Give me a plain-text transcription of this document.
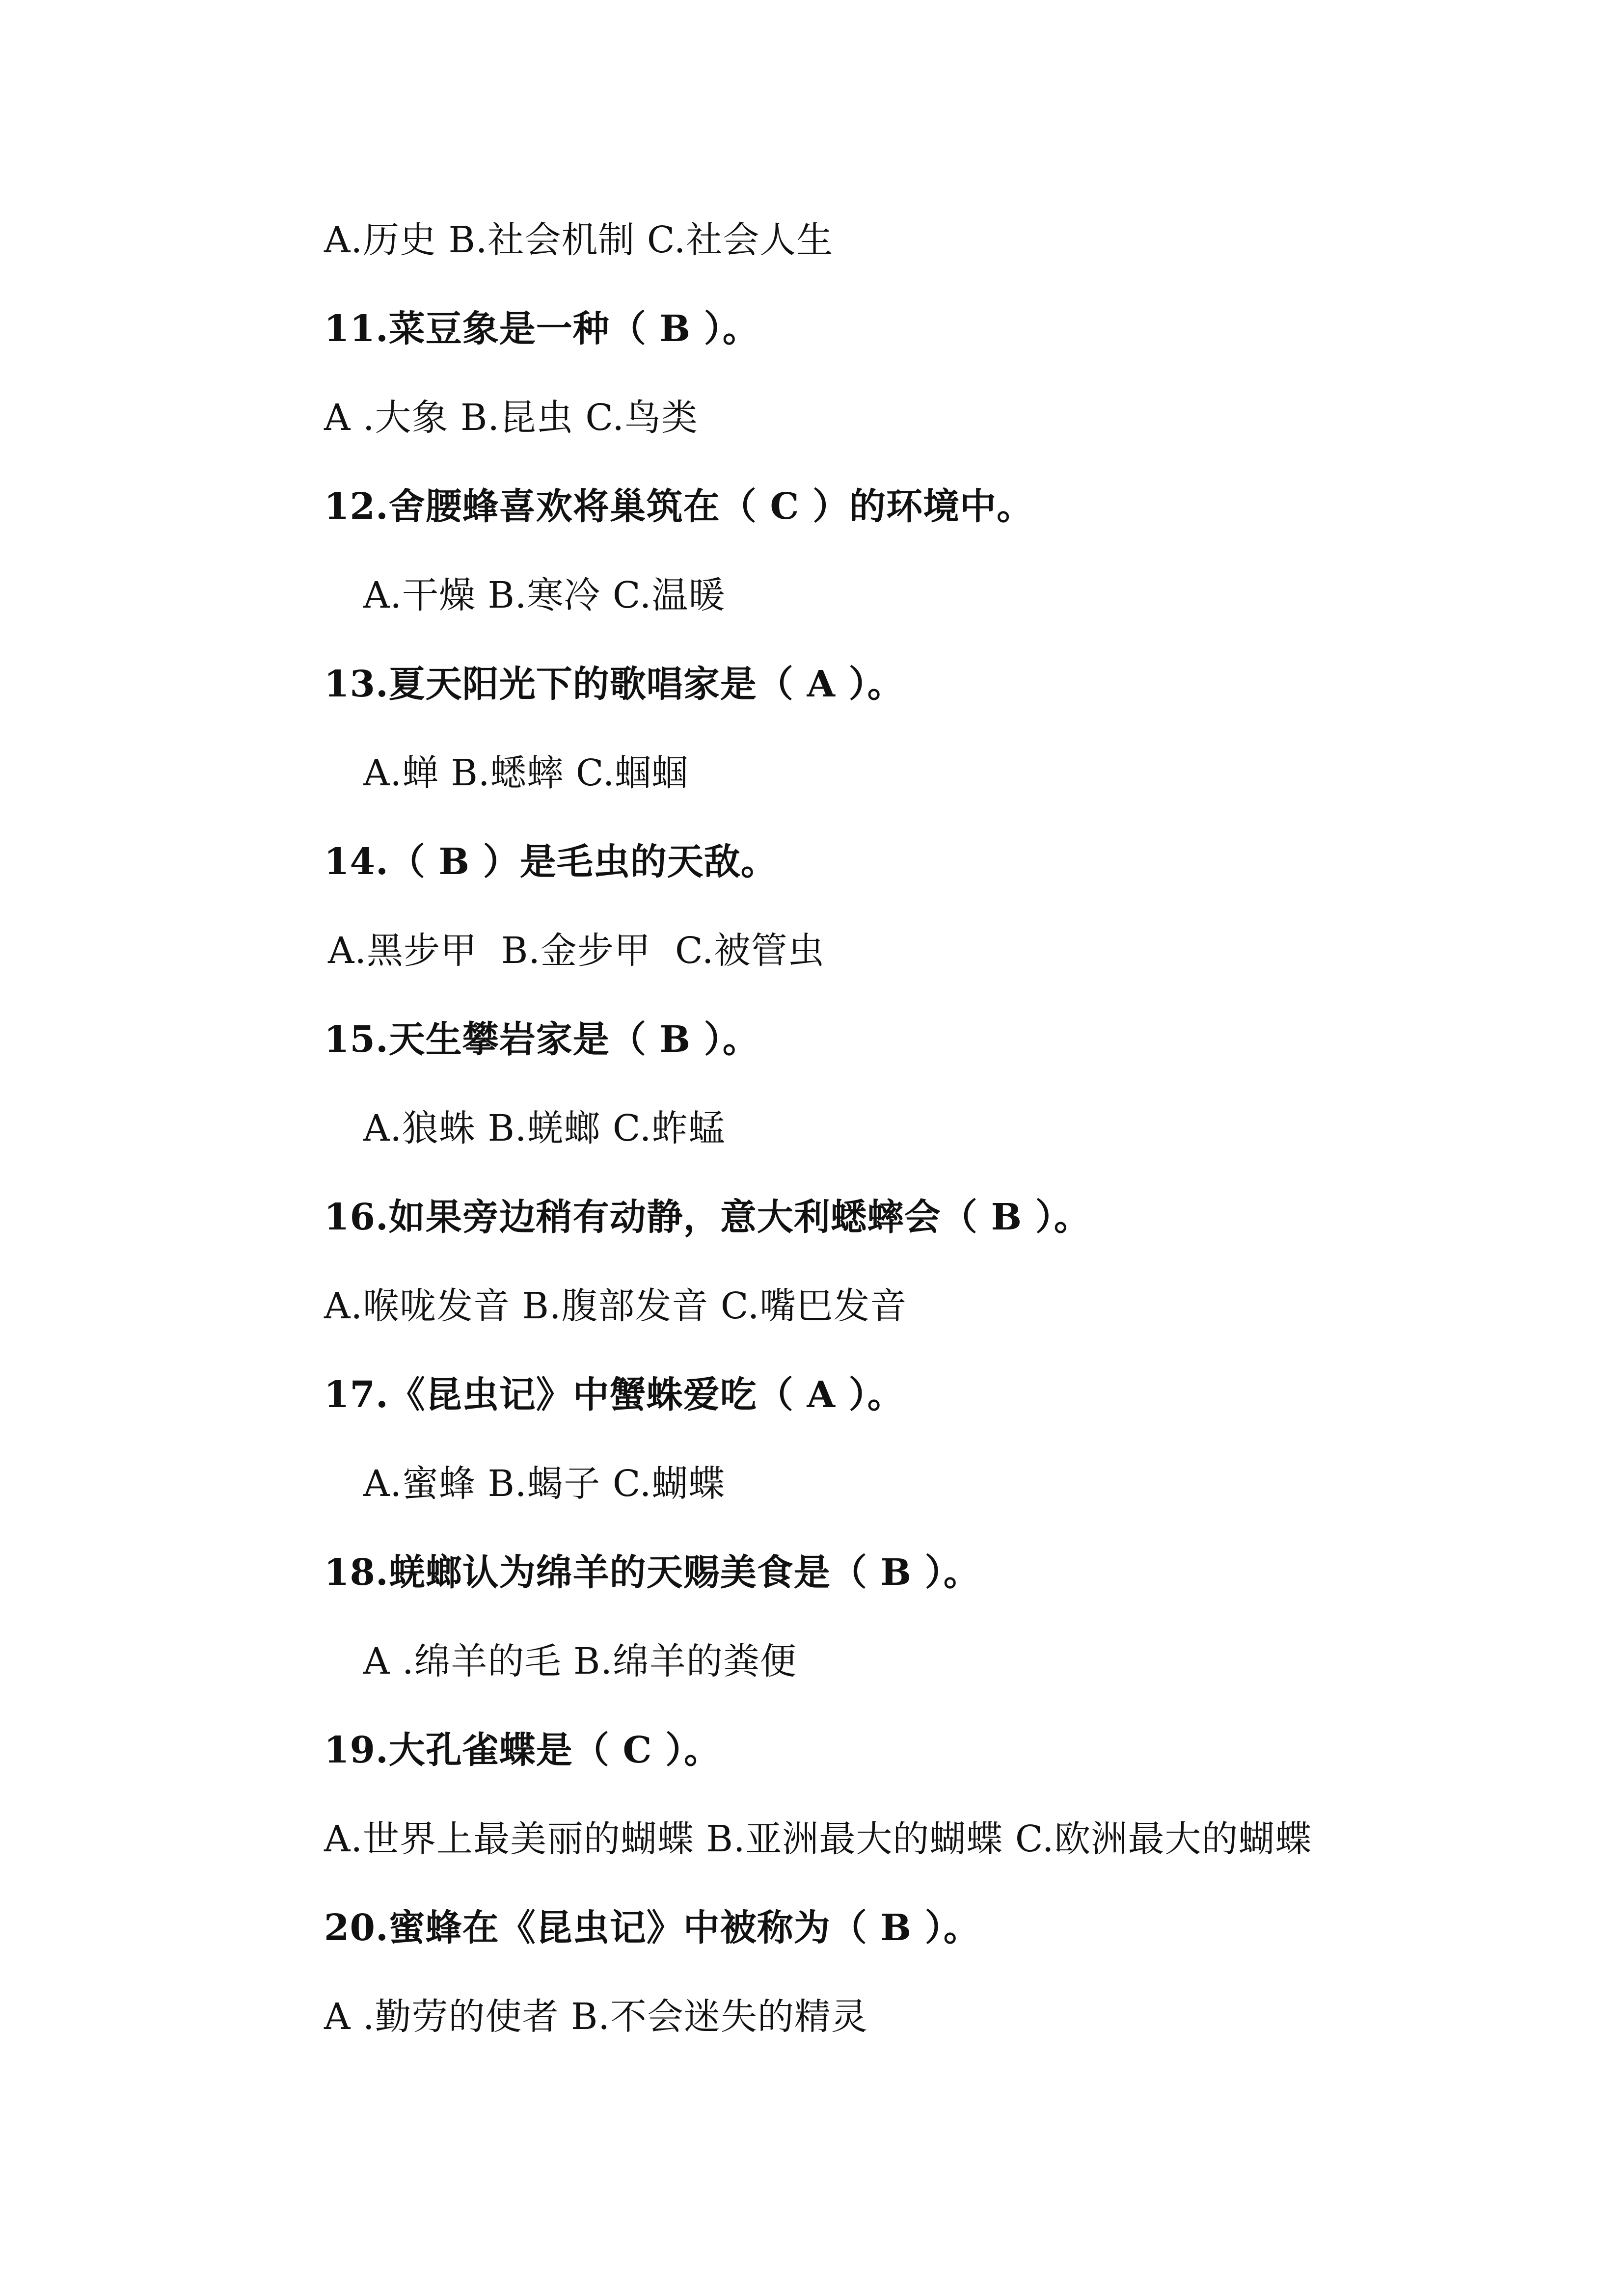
A.历史 B.社会机制 C.社会人生
11.菜豆象是一种（ B ）。
A .大象 B.昆虫 C.鸟类
12.舍腰蜂喜欢将巢筑在（ C ）的环境中。
A.干燥 B.寒冷 C.温暖
13.夏天阳光下的歌唱家是（ A ）。
A.蝉 B.蟋蟀 C.蝈蝈
14.（ B ）是毛虫的天敌。
A.黑步甲  B.金步甲  C.被管虫
15.天生攀岩家是（ B ）。
A.狼蛛 B.蜣螂 C.蚱蜢
16.如果旁边稍有动静，意大利蟋蟀会（ B ）。
A.喉咙发音 B.腹部发音 C.嘴巴发音
17.《昆虫记》中蟹蛛爱吃（ A ）。
A.蜜蜂 B.蝎子 C.蝴蝶
18.蜣螂认为绵羊的天赐美食是（ B ）。
A .绵羊的毛 B.绵羊的粪便
19.大孔雀蝶是（ C ）。
A.世界上最美丽的蝴蝶 B.亚洲最大的蝴蝶 C.欧洲最大的蝴蝶
20.蜜蜂在《昆虫记》中被称为（ B ）。
A .勤劳的使者 B.不会迷失的精灵
